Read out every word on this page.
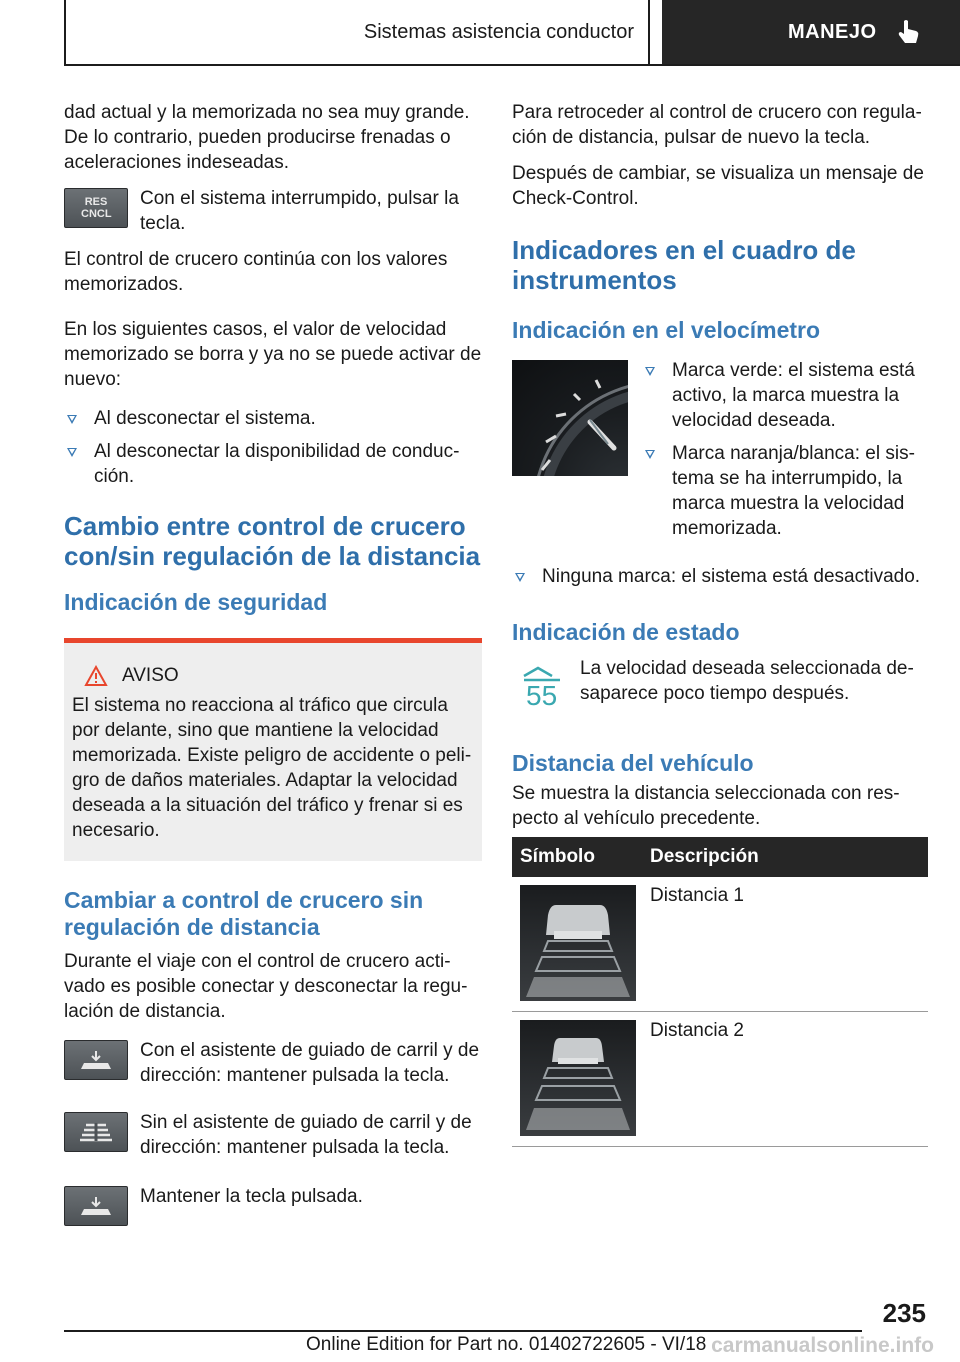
Sistemas asistencia conductor	MANEJO

dad actual y la memorizada no sea muy grande. De lo contrario, pueden producirse frenadas o aceleraciones indeseadas.

RES CNCL
Con el sistema interrumpido, pulsar la tecla.

El control de crucero continúa con los valores memorizados.

En los siguientes casos, el valor de velocidad memorizado se borra y ya no se puede activar de nuevo:

Al desconectar el sistema.
Al desconectar la disponibilidad de conducción.
Cambio entre control de crucero con/sin regulación de la distancia
Indicación de seguridad
AVISO

El sistema no reacciona al tráfico que circula por delante, sino que mantiene la velocidad memorizada. Existe peligro de accidente o peligro de daños materiales. Adaptar la velocidad deseada a la situación del tráfico y frenar si es necesario.

Cambiar a control de crucero sin regulación de distancia

Durante el viaje con el control de crucero activado es posible conectar y desconectar la regulación de distancia.

Con el asistente de guiado de carril y de dirección: mantener pulsada la tecla.
Sin el asistente de guiado de carril y de dirección: mantener pulsada la tecla.
Mantener la tecla pulsada.

Para retroceder al control de crucero con regulación de distancia, pulsar de nuevo la tecla.

Después de cambiar, se visualiza un mensaje de Check-Control.

Indicadores en el cuadro de instrumentos
Indicación en el velocímetro
Marca verde: el sistema está activo, la marca muestra la velocidad deseada.
Marca naranja/blanca: el sistema se ha interrumpido, la marca muestra la velocidad memorizada.
Ninguna marca: el sistema está desactivado.
Indicación de estado
55
La velocidad deseada seleccionada desaparece poco tiempo después.
Distancia del vehículo

Se muestra la distancia seleccionada con respecto al vehículo precedente.

Símbolo	Descripción

	Distancia 1

	Distancia 2
235
Online Edition for Part no. 01402722605 - VI/18 carmanualsonline.info
